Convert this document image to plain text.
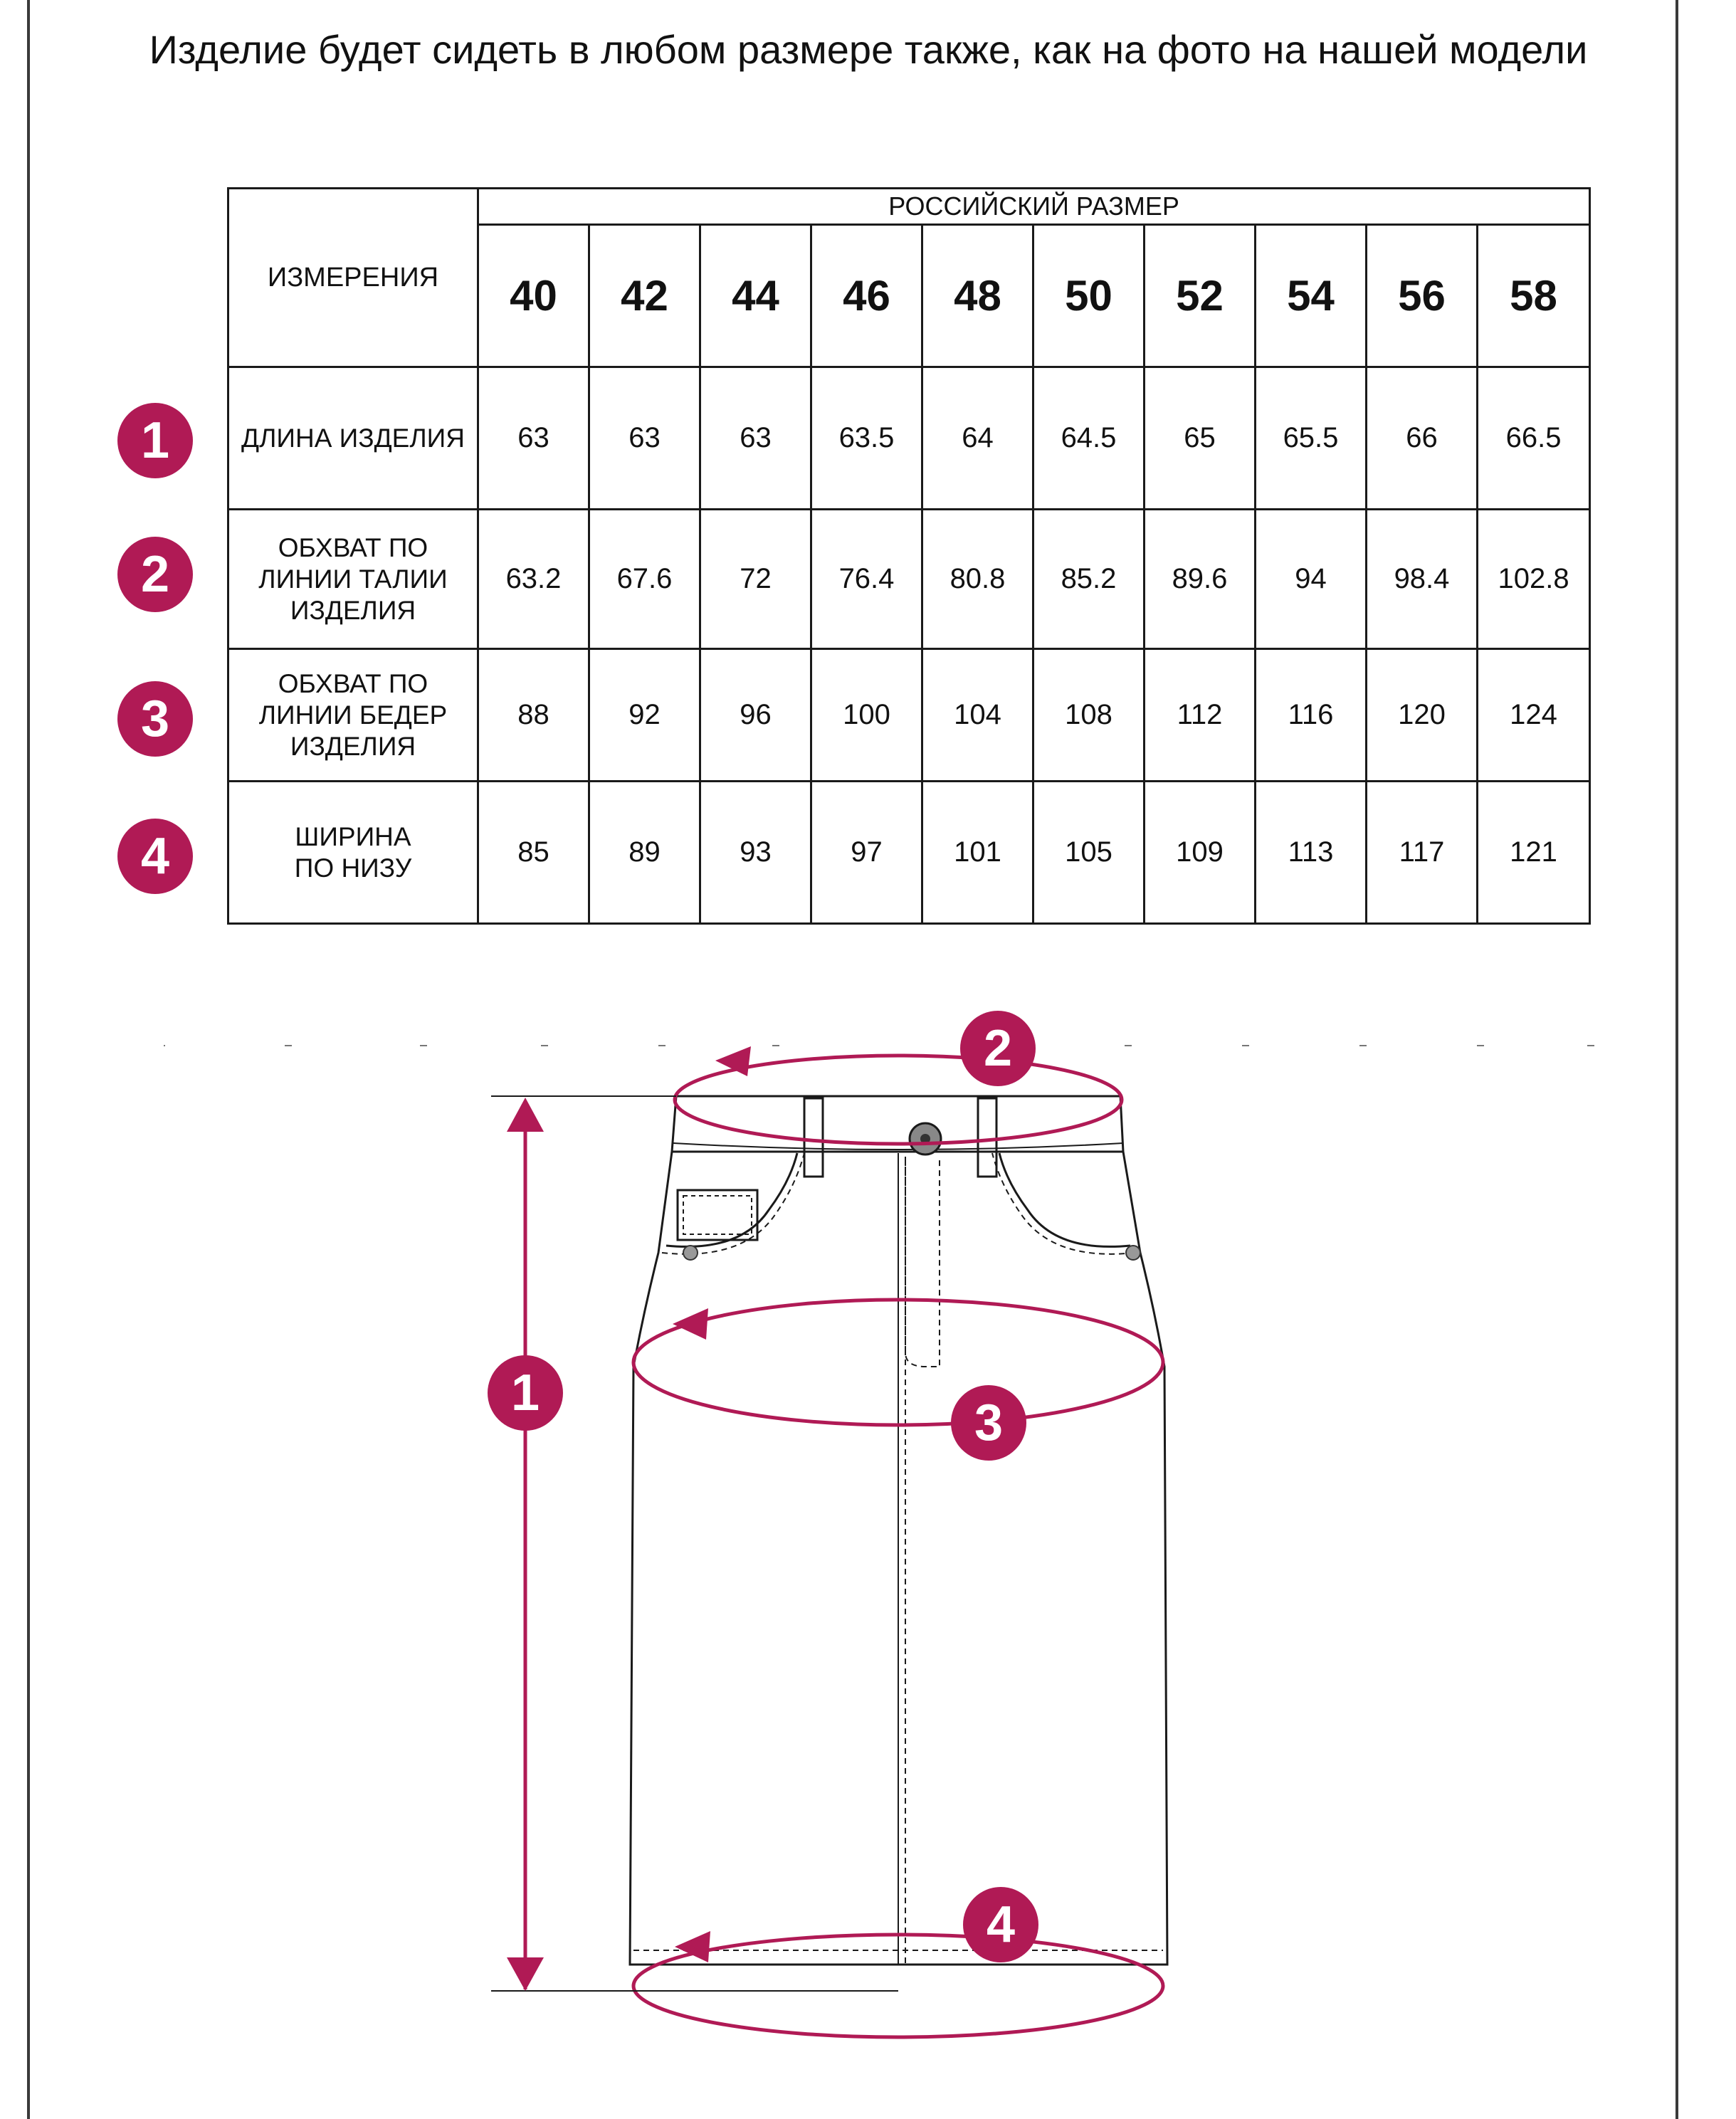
Изделие будет сидеть в любом размере также, как на фото на нашей модели
ИЗМЕРЕНИЯ	РОССИЙСКИЙ РАЗМЕР									
	40	42	44	46	48	50	52	54	56	58
ДЛИНА ИЗДЕЛИЯ	63	63	63	63.5	64	64.5	65	65.5	66	66.5
ОБХВАТ ПО ЛИНИИ ТАЛИИ ИЗДЕЛИЯ	63.2	67.6	72	76.4	80.8	85.2	89.6	94	98.4	102.8
ОБХВАТ ПО ЛИНИИ БЕДЕР ИЗДЕЛИЯ	88	92	96	100	104	108	112	116	120	124
ШИРИНА ПО НИЗУ	85	89	93	97	101	105	109	113	117	121
1
2
3
4
1
2
3
4
